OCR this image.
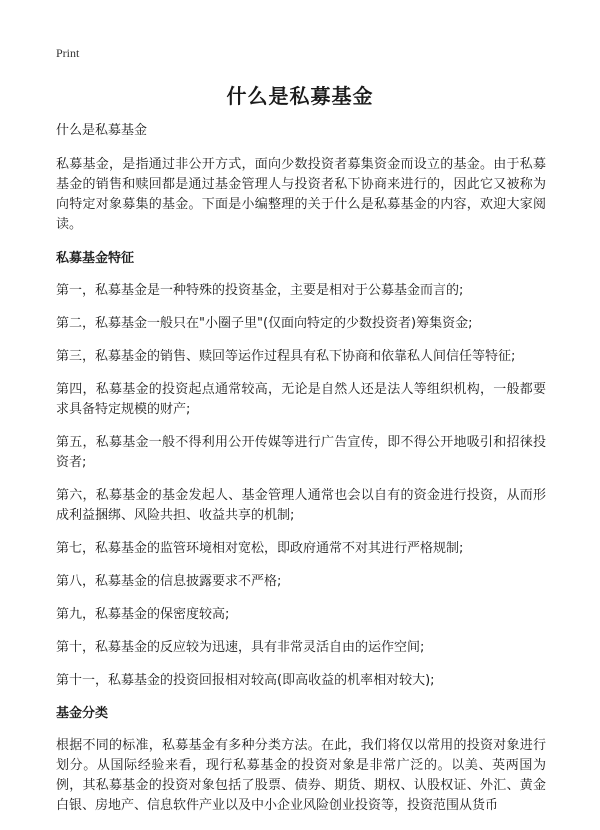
Print
什么是私募基金

什么是私募基金

私募基金，是指通过非公开方式，面向少数投资者募集资金而设立的基金。由于私募基金的销售和赎回都是通过基金管理人与投资者私下协商来进行的，因此它又被称为向特定对象募集的基金。下面是小编整理的关于什么是私募基金的内容，欢迎大家阅读。

私募基金特征

第一，私募基金是一种特殊的投资基金，主要是相对于公募基金而言的;

第二，私募基金一般只在"小圈子里"(仅面向特定的少数投资者)筹集资金;

第三，私募基金的销售、赎回等运作过程具有私下协商和依靠私人间信任等特征;

第四，私募基金的投资起点通常较高，无论是自然人还是法人等组织机构，一般都要求具备特定规模的财产;

第五，私募基金一般不得利用公开传媒等进行广告宣传，即不得公开地吸引和招徕投资者;

第六，私募基金的基金发起人、基金管理人通常也会以自有的资金进行投资，从而形成利益捆绑、风险共担、收益共享的机制;

第七，私募基金的监管环境相对宽松，即政府通常不对其进行严格规制;

第八，私募基金的信息披露要求不严格;

第九，私募基金的保密度较高;

第十，私募基金的反应较为迅速，具有非常灵活自由的运作空间;

第十一，私募基金的投资回报相对较高(即高收益的机率相对较大);

基金分类

根据不同的标准，私募基金有多种分类方法。在此，我们将仅以常用的投资对象进行划分。从国际经验来看，现行私募基金的投资对象是非常广泛的。以美、英两国为例，其私募基金的投资对象包括了股票、债券、期货、期权、认股权证、外汇、黄金白银、房地产、信息软件产业以及中小企业风险创业投资等，投资范围从货币
